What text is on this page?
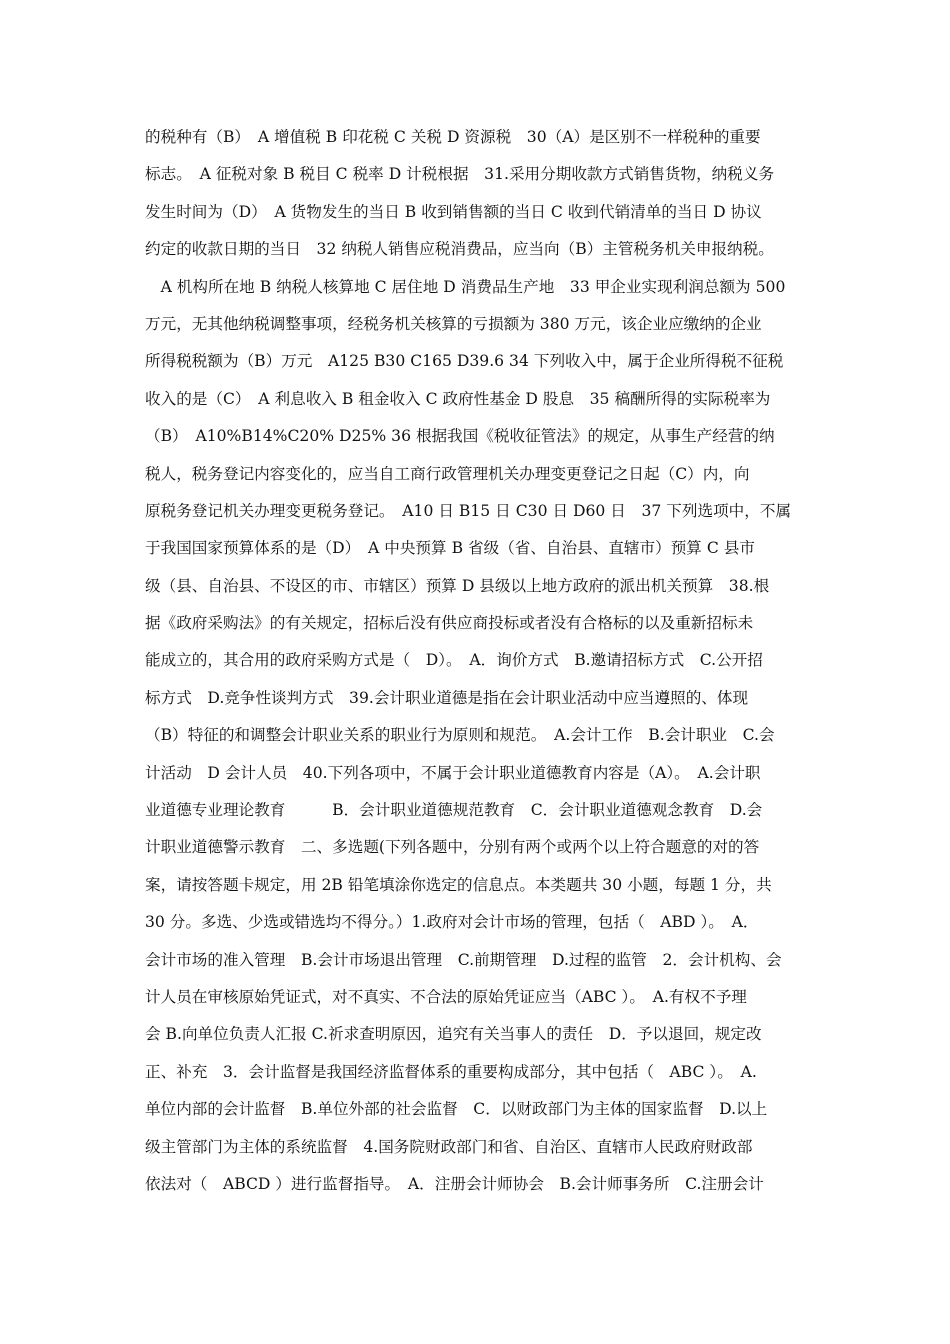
的税种有（B）　A 增值税 B 印花税 C 关税 D 资源税　30（A）是区别不一样税种的重要
标志。　A 征税对象 B 税目 C 税率 D 计税根据　31.采用分期收款方式销售货物，纳税义务
发生时间为（D）　A 货物发生的当日 B 收到销售额的当日 C 收到代销清单的当日 D 协议
约定的收款日期的当日　32 纳税人销售应税消费品，应当向（B）主管税务机关申报纳税。
　A 机构所在地 B 纳税人核算地 C 居住地 D 消费品生产地　33 甲企业实现利润总额为 500
万元，无其他纳税调整事项，经税务机关核算的亏损额为 380 万元，该企业应缴纳的企业
所得税税额为（B）万元　A125 B30 C165 D39.6 34 下列收入中，属于企业所得税不征税
收入的是（C）　A 利息收入 B 租金收入 C 政府性基金 D 股息　35 稿酬所得的实际税率为
（B）　A10%B14%C20% D25% 36 根据我国《税收征管法》的规定，从事生产经营的纳
税人，税务登记内容变化的，应当自工商行政管理机关办理变更登记之日起（C）内，向
原税务登记机关办理变更税务登记。　A10 日 B15 日 C30 日 D60 日　37 下列选项中，不属
于我国国家预算体系的是（D）　A 中央预算 B 省级（省、自治县、直辖市）预算 C 县市
级（县、自治县、不设区的市、市辖区）预算 D 县级以上地方政府的派出机关预算　38.根
据《政府采购法》的有关规定，招标后没有供应商投标或者没有合格标的以及重新招标未
能成立的，其合用的政府采购方式是（　D）。　A．询价方式　B.邀请招标方式　C.公开招
标方式　D.竞争性谈判方式　39.会计职业道德是指在会计职业活动中应当遵照的、体现
（B）特征的和调整会计职业关系的职业行为原则和规范。　A.会计工作　B.会计职业　C.会
计活动　D 会计人员　40.下列各项中，不属于会计职业道德教育内容是（A）。　A.会计职
业道德专业理论教育　　　B．会计职业道德规范教育　C．会计职业道德观念教育　D.会
计职业道德警示教育　二、多选题(下列各题中，分别有两个或两个以上符合题意的对的答
案，请按答题卡规定，用 2B 铅笔填涂你选定的信息点。本类题共 30 小题，每题 1 分，共
30 分。多选、少选或错选均不得分。）1.政府对会计市场的管理，包括（　ABD ）。　A．
会计市场的准入管理　B.会计市场退出管理　C.前期管理　D.过程的监管　2．会计机构、会
计人员在审核原始凭证式，对不真实、不合法的原始凭证应当（ABC ）。　A.有权不予理
会 B.向单位负责人汇报 C.祈求查明原因，追究有关当事人的责任　D．予以退回，规定改
正、补充　3．会计监督是我国经济监督体系的重要构成部分，其中包括（　ABC ）。　A.
单位内部的会计监督　B.单位外部的社会监督　C．以财政部门为主体的国家监督　D.以上
级主管部门为主体的系统监督　4.国务院财政部门和省、自治区、直辖市人民政府财政部
依法对（　ABCD ）进行监督指导。　A．注册会计师协会　B.会计师事务所　C.注册会计
